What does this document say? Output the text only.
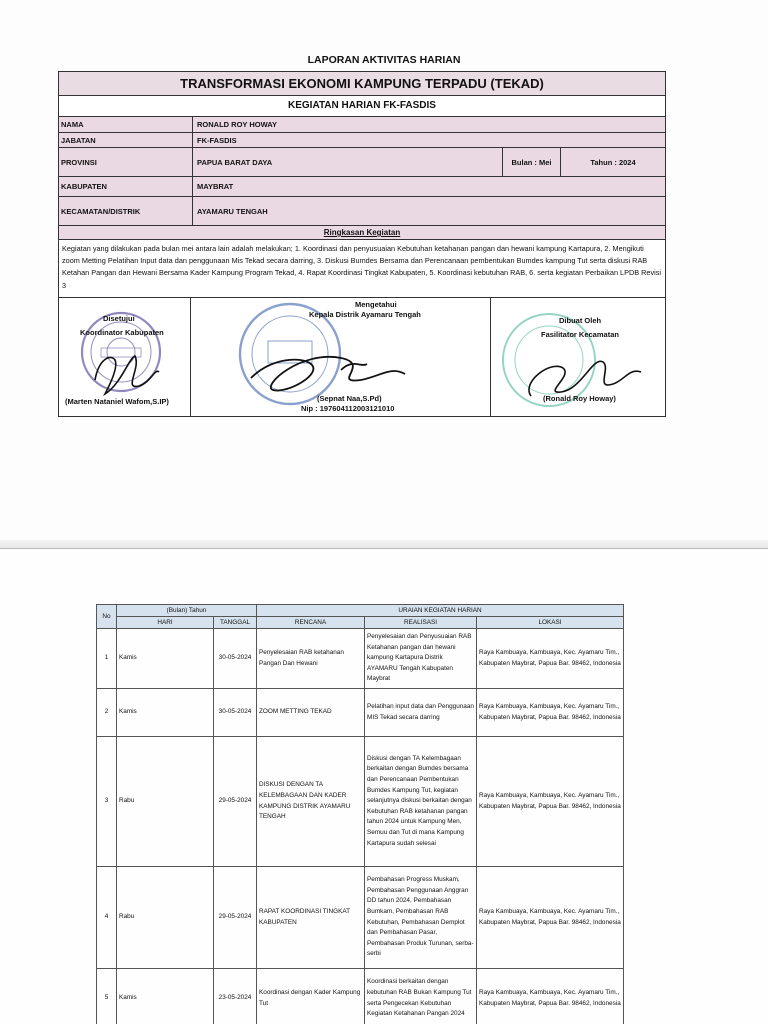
LAPORAN AKTIVITAS HARIAN
TRANSFORMASI EKONOMI KAMPUNG TERPADU (TEKAD)
KEGIATAN HARIAN FK-FASDIS
NAMA	RONALD ROY HOWAY
JABATAN	FK-FASDIS
PROVINSI	PAPUA BARAT DAYA	Bulan : Mei	Tahun : 2024
KABUPATEN	MAYBRAT
KECAMATAN/DISTRIK	AYAMARU TENGAH
Ringkasan Kegiatan
Kegiatan yang dilakukan pada bulan mei antara lain adalah melakukan; 1. Koordinasi dan penyusuaian Kebutuhan ketahanan pangan dan hewani kampung Kartapura, 2. Mengikuti zoom Metting Pelatihan Input data dan penggunaan Mis Tekad secara darring, 3. Diskusi Bumdes Bersama dan Perencanaan pembentukan Bumdes kampung Tut serta diskusi RAB Ketahan Pangan dan Hewani Bersama Kader Kampung Program Tekad, 4. Rapat Koordinasi Tingkat Kabupaten, 5. Koordinasi kebutuhan RAB, 6. serta kegiatan Perbaikan LPDB Revisi 3
Disetujui
Koordinator Kabupaten
(Marten Nataniel Wafom,S.IP)
Mengetahui
Kepala Distrik Ayamaru Tengah
(Sepnat Naa,S.Pd)
Nip : 197604112003121010
Dibuat Oleh
Fasilitator Kecamatan
(Ronald Roy Howay)
No	(Bulan) Tahun		URAIAN KEGIATAN HARIAN		
	HARI	TANGGAL	RENCANA	REALISASI	LOKASI
1	Kamis	30-05-2024	Penyelesaian RAB ketahanan Pangan Dan Hewani	Penyelesaian dan Penyusuaian RAB Ketahanan pangan dan hewani kampung Kartapura Distrik AYAMARU Tengah Kabupaten Maybrat	Raya Kambuaya, Kambuaya, Kec. Ayamaru Tim., Kabupaten Maybrat, Papua Bar. 98462, Indonesia
2	Kamis	30-05-2024	ZOOM METTING TEKAD	Pelatihan input data dan Penggunaan MIS Tekad secara darring	Raya Kambuaya, Kambuaya, Kec. Ayamaru Tim., Kabupaten Maybrat, Papua Bar. 98462, Indonesia
3	Rabu	29-05-2024	DISKUSI DENGAN TA KELEMBAGAAN DAN KADER KAMPUNG DISTRIK AYAMARU TENGAH	Diskusi dengan TA Kelembagaan berkaitan dengan Bumdes bersama dan Perencanaan Pembentukan Bumdes Kampung Tut, kegiatan selanjutnya diskusi berkaitan dengan Kebutuhan RAB ketahanan pangan tahun 2024 untuk Kampung Men, Semuu dan Tut di mana Kampung Kartapura sudah selesai	Raya Kambuaya, Kambuaya, Kec. Ayamaru Tim., Kabupaten Maybrat, Papua Bar. 98462, Indonesia
4	Rabu	29-05-2024	RAPAT KOORDINASI TINGKAT KABUPATEN	Pembahasan Progress Muskam, Pembahasan Penggunaan Anggran DD tahun 2024, Pembahasan Bumkam, Pembahasan RAB Kebutuhan, Pembahasan Demplot dan Pembahasan Pasar, Pembahasan Produk Turunan, serba-serbi	Raya Kambuaya, Kambuaya, Kec. Ayamaru Tim., Kabupaten Maybrat, Papua Bar. 98462, Indonesia
5	Kamis	23-05-2024	Koordinasi dengan Kader Kampung Tut	Koordinasi berkaitan dengan kebutuhan RAB Bukan Kampung Tut serta Pengecekan Kebutuhan Kegiatan Ketahanan Pangan 2024	Raya Kambuaya, Kambuaya, Kec. Ayamaru Tim., Kabupaten Maybrat, Papua Bar. 98462, Indonesia
